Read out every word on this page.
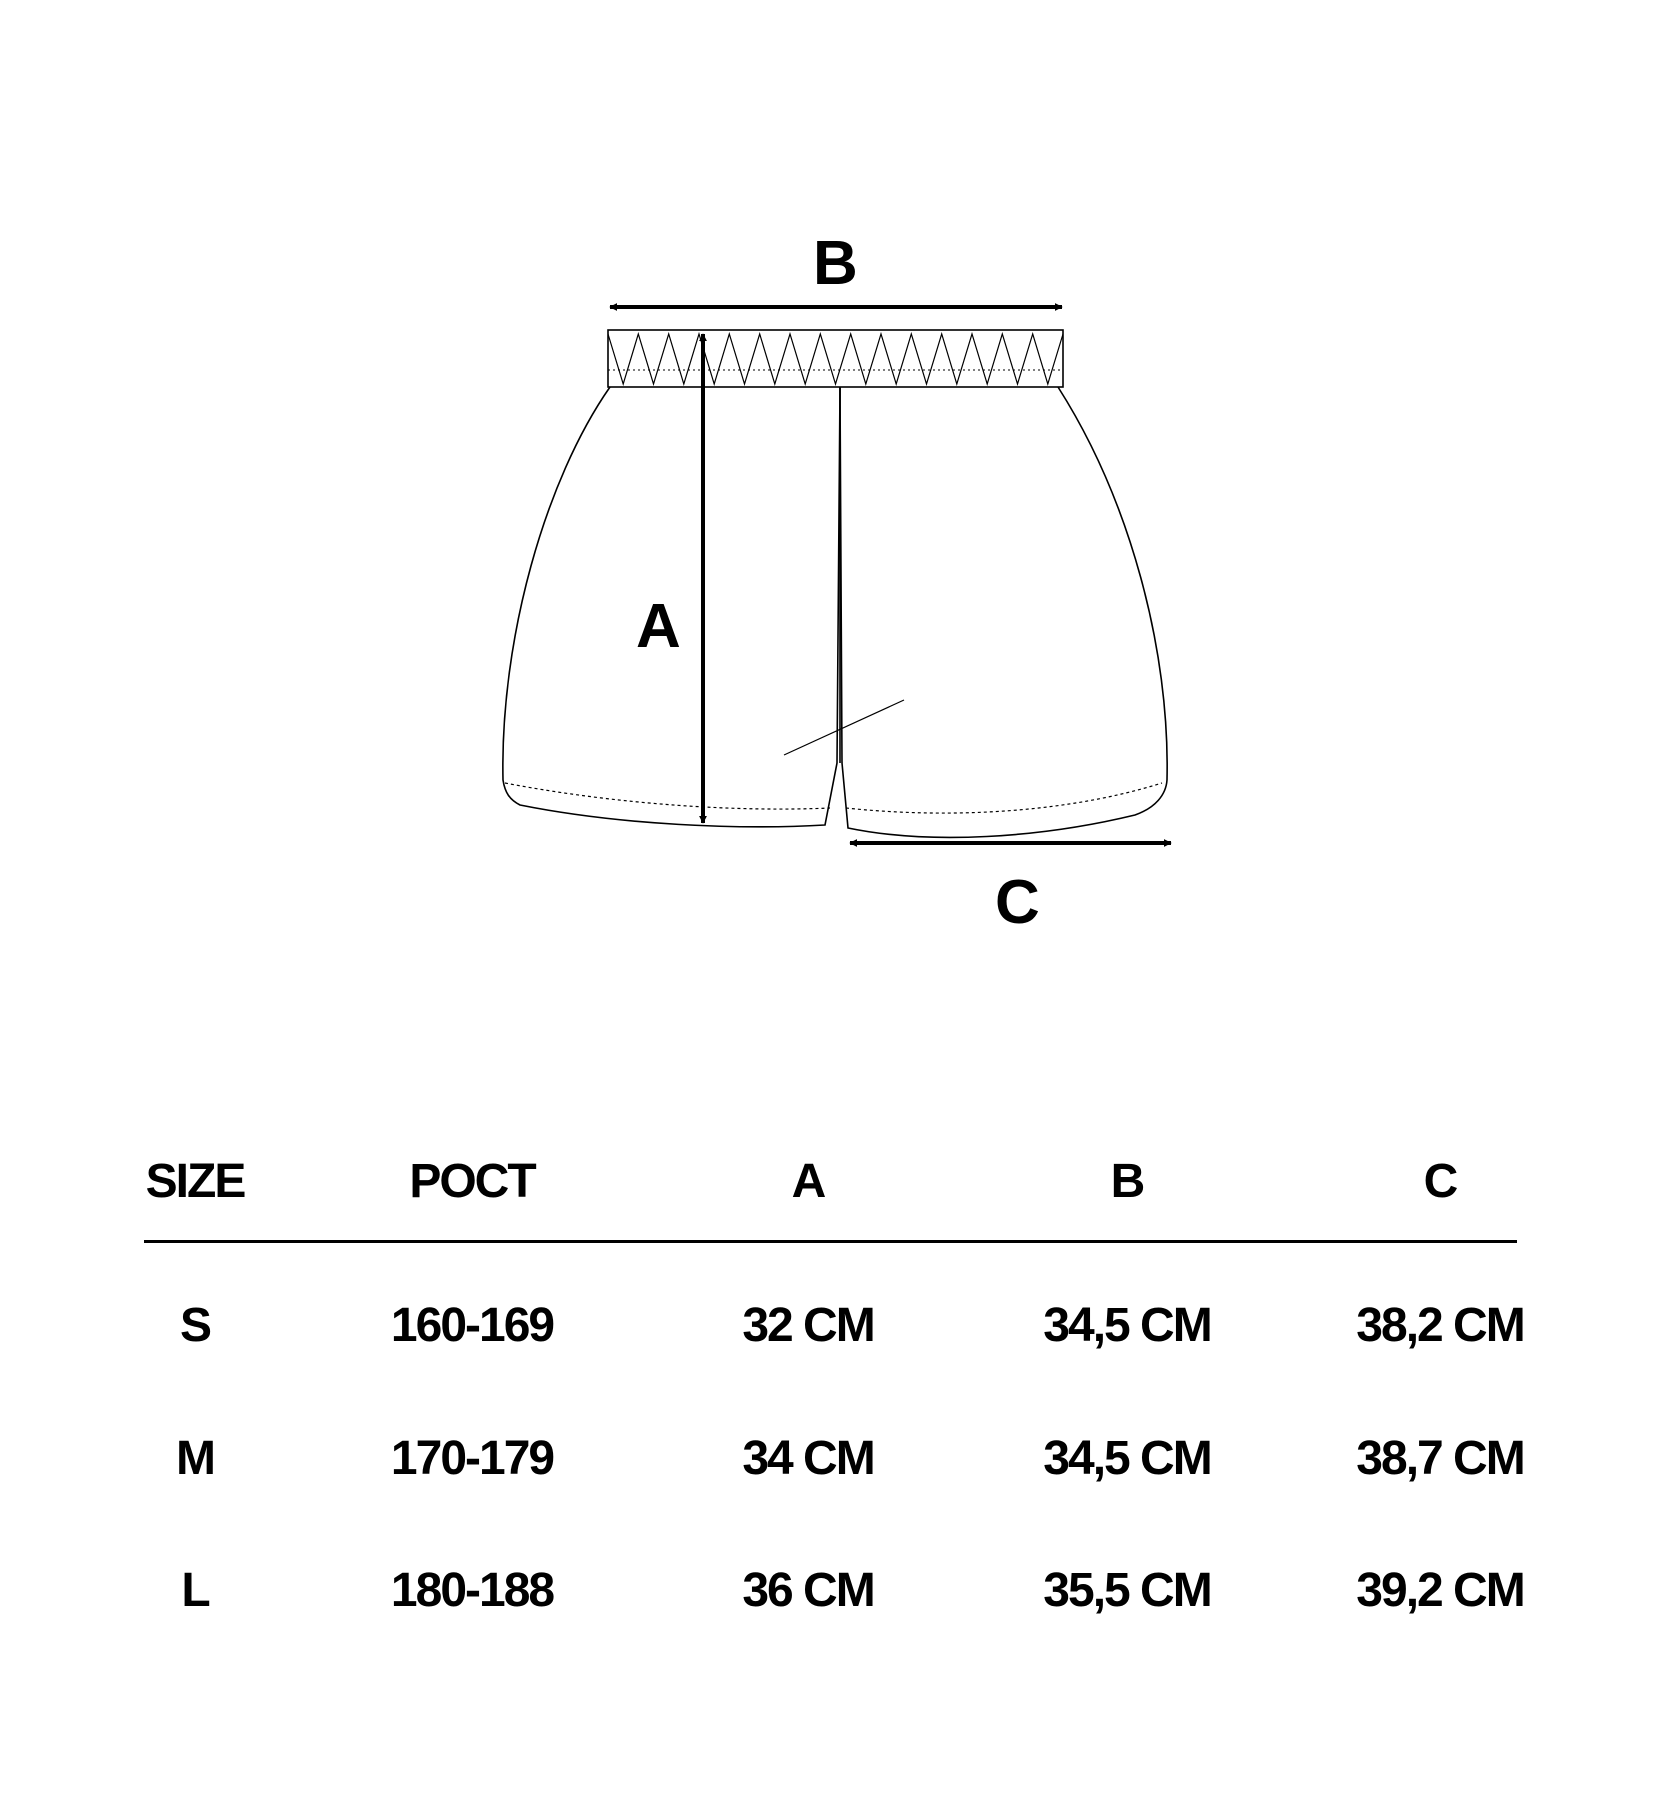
B
A
C
SIZE	POCT	A	B	C
S	160-169	32 CM	34,5 CM	38,2 CM
M	170-179	34 CM	34,5 CM	38,7 CM
L	180-188	36 CM	35,5 CM	39,2 CM
